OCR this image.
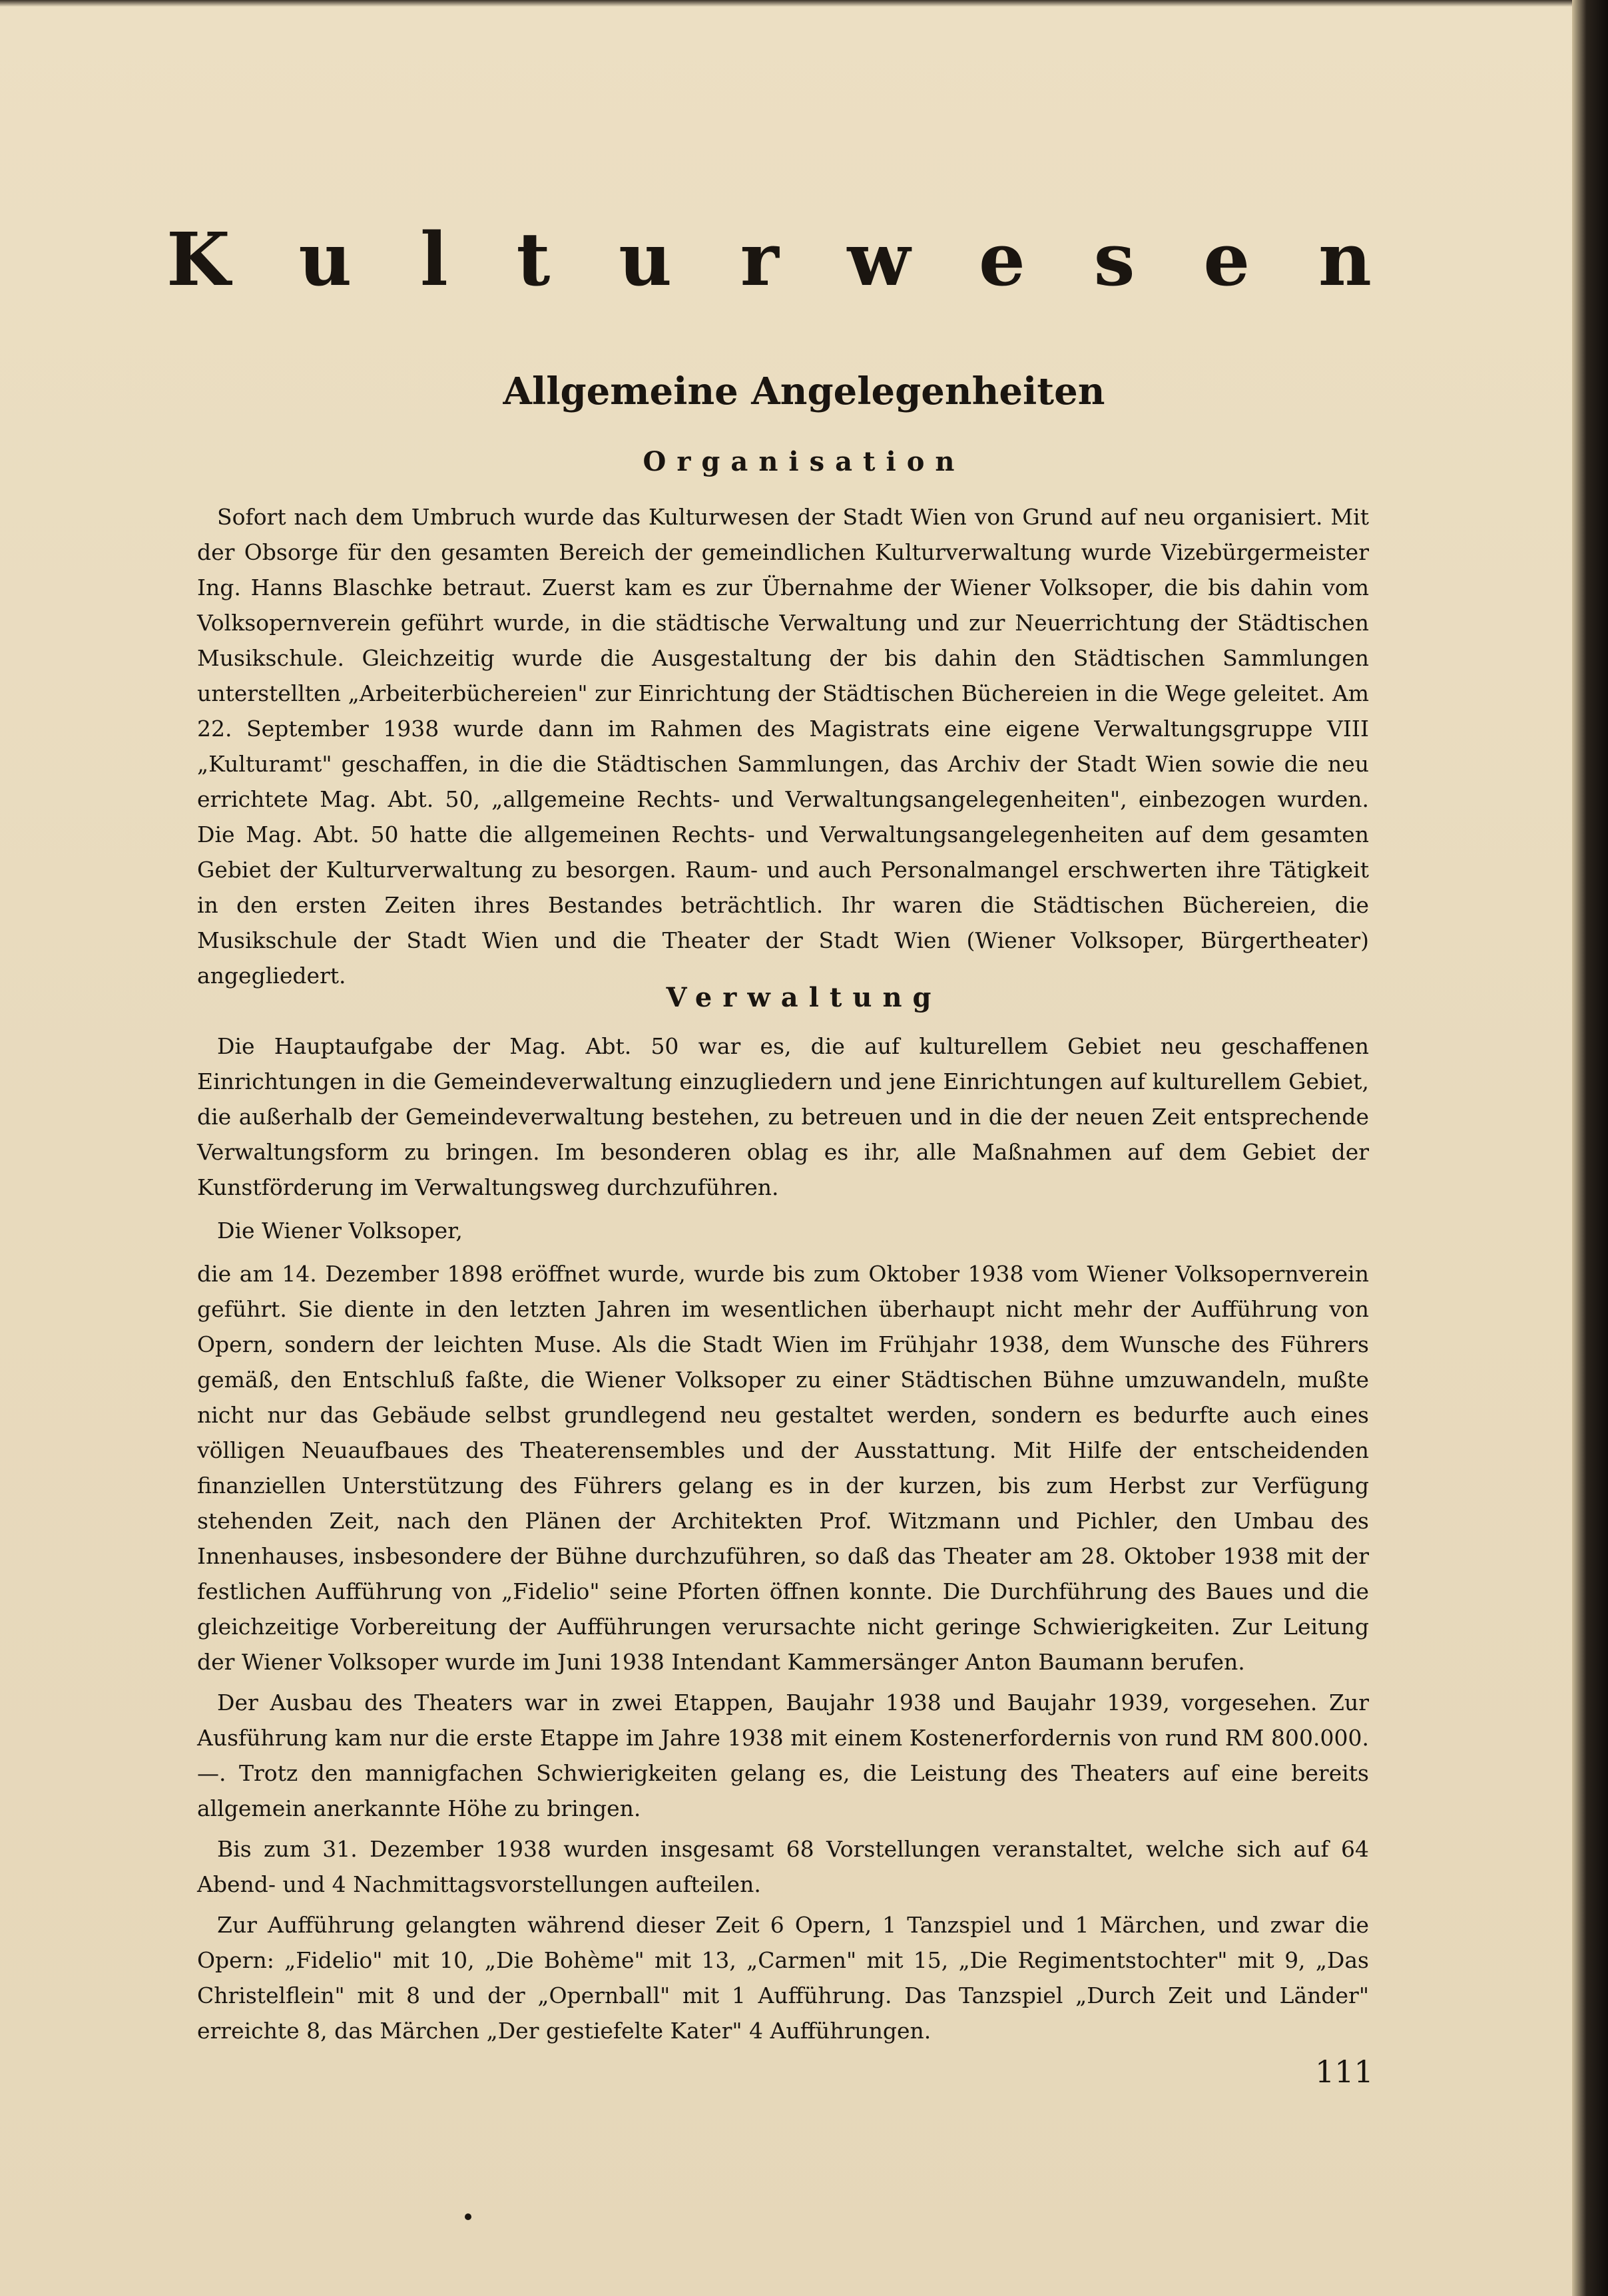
K u l t u r w e s e n
Allgemeine Angelegenheiten
Organisation

Sofort nach dem Umbruch wurde das Kulturwesen der Stadt Wien von Grund auf neu organisiert. Mit der Obsorge für den gesamten Bereich der gemeindlichen Kulturverwaltung wurde Vizebürgermeister Ing. Hanns Blaschke betraut. Zuerst kam es zur Übernahme der Wiener Volksoper, die bis dahin vom Volksopernverein geführt wurde, in die städtische Verwaltung und zur Neuerrichtung der Städtischen Musikschule. Gleichzeitig wurde die Ausgestaltung der bis dahin den Städtischen Sammlungen unterstellten „Arbeiterbüchereien" zur Einrichtung der Städtischen Büchereien in die Wege geleitet. Am 22. September 1938 wurde dann im Rahmen des Magistrats eine eigene Verwaltungsgruppe VIII „Kulturamt" geschaffen, in die die Städtischen Sammlungen, das Archiv der Stadt Wien sowie die neu errichtete Mag. Abt. 50, „allgemeine Rechts- und Verwaltungsangelegenheiten", einbezogen wurden. Die Mag. Abt. 50 hatte die allgemeinen Rechts- und Verwaltungsangelegenheiten auf dem gesamten Gebiet der Kulturverwaltung zu besorgen. Raum- und auch Personalmangel erschwerten ihre Tätigkeit in den ersten Zeiten ihres Bestandes beträchtlich. Ihr waren die Städtischen Büchereien, die Musikschule der Stadt Wien und die Theater der Stadt Wien (Wiener Volksoper, Bürgertheater) angegliedert.

Verwaltung

Die Hauptaufgabe der Mag. Abt. 50 war es, die auf kulturellem Gebiet neu geschaffenen Einrichtungen in die Gemeindeverwaltung einzugliedern und jene Einrichtungen auf kulturellem Gebiet, die außerhalb der Gemeindeverwaltung bestehen, zu betreuen und in die der neuen Zeit entsprechende Verwaltungsform zu bringen. Im besonderen oblag es ihr, alle Maßnahmen auf dem Gebiet der Kunstförderung im Verwaltungsweg durchzuführen.

Die Wiener Volksoper,

die am 14. Dezember 1898 eröffnet wurde, wurde bis zum Oktober 1938 vom Wiener Volksopernverein geführt. Sie diente in den letzten Jahren im wesentlichen überhaupt nicht mehr der Aufführung von Opern, sondern der leichten Muse. Als die Stadt Wien im Frühjahr 1938, dem Wunsche des Führers gemäß, den Entschluß faßte, die Wiener Volksoper zu einer Städtischen Bühne umzuwandeln, mußte nicht nur das Gebäude selbst grundlegend neu gestaltet werden, sondern es bedurfte auch eines völligen Neuaufbaues des Theaterensembles und der Ausstattung. Mit Hilfe der entscheidenden finanziellen Unterstützung des Führers gelang es in der kurzen, bis zum Herbst zur Verfügung stehenden Zeit, nach den Plänen der Architekten Prof. Witzmann und Pichler, den Umbau des Innenhauses, insbesondere der Bühne durchzuführen, so daß das Theater am 28. Oktober 1938 mit der festlichen Aufführung von „Fidelio" seine Pforten öffnen konnte. Die Durchführung des Baues und die gleichzeitige Vorbereitung der Aufführungen verursachte nicht geringe Schwierigkeiten. Zur Leitung der Wiener Volksoper wurde im Juni 1938 Intendant Kammersänger Anton Baumann berufen.

Der Ausbau des Theaters war in zwei Etappen, Baujahr 1938 und Baujahr 1939, vorgesehen. Zur Ausführung kam nur die erste Etappe im Jahre 1938 mit einem Kostenerfordernis von rund RM 800.000.—. Trotz den mannigfachen Schwierigkeiten gelang es, die Leistung des Theaters auf eine bereits allgemein anerkannte Höhe zu bringen.

Bis zum 31. Dezember 1938 wurden insgesamt 68 Vorstellungen veranstaltet, welche sich auf 64 Abend- und 4 Nachmittagsvorstellungen aufteilen.

Zur Aufführung gelangten während dieser Zeit 6 Opern, 1 Tanzspiel und 1 Märchen, und zwar die Opern: „Fidelio" mit 10, „Die Bohème" mit 13, „Carmen" mit 15, „Die Regimentstochter" mit 9, „Das Christelflein" mit 8 und der „Opernball" mit 1 Aufführung. Das Tanzspiel „Durch Zeit und Länder" erreichte 8, das Märchen „Der gestiefelte Kater" 4 Aufführungen.

111
